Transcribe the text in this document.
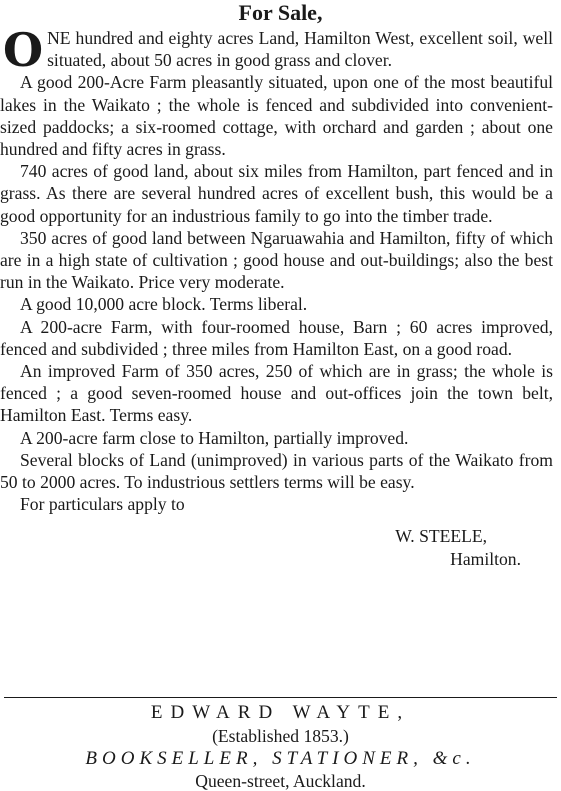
For Sale,

ONE hundred and eighty acres Land, Hamilton West, excellent soil, well situated, about 50 acres in good grass and clover.

A good 200-Acre Farm pleasantly situated, upon one of the most beautiful lakes in the Waikato ; the whole is fenced and subdivided into convenient-sized paddocks; a six-roomed cottage, with orchard and garden ; about one hundred and fifty acres in grass.

740 acres of good land, about six miles from Hamilton, part fenced and in grass. As there are several hundred acres of excellent bush, this would be a good opportunity for an industrious family to go into the timber trade.

350 acres of good land between Ngaruawahia and Hamilton, fifty of which are in a high state of cultivation ; good house and out-buildings; also the best run in the Waikato. Price very moderate.

A good 10,000 acre block. Terms liberal.

A 200-acre Farm, with four-roomed house, Barn ; 60 acres improved, fenced and subdivided ; three miles from Hamilton East, on a good road.

An improved Farm of 350 acres, 250 of which are in grass; the whole is fenced ; a good seven-roomed house and out-offices join the town belt, Hamilton East. Terms easy.

A 200-acre farm close to Hamilton, partially improved.

Several blocks of Land (unimproved) in various parts of the Waikato from 50 to 2000 acres. To industrious settlers terms will be easy.

For particulars apply to

W. STEELE,

Hamilton.

EDWARD WAYTE,

(Established 1853.)

BOOKSELLER, STATIONER, &c.

Queen-street, Auckland.
